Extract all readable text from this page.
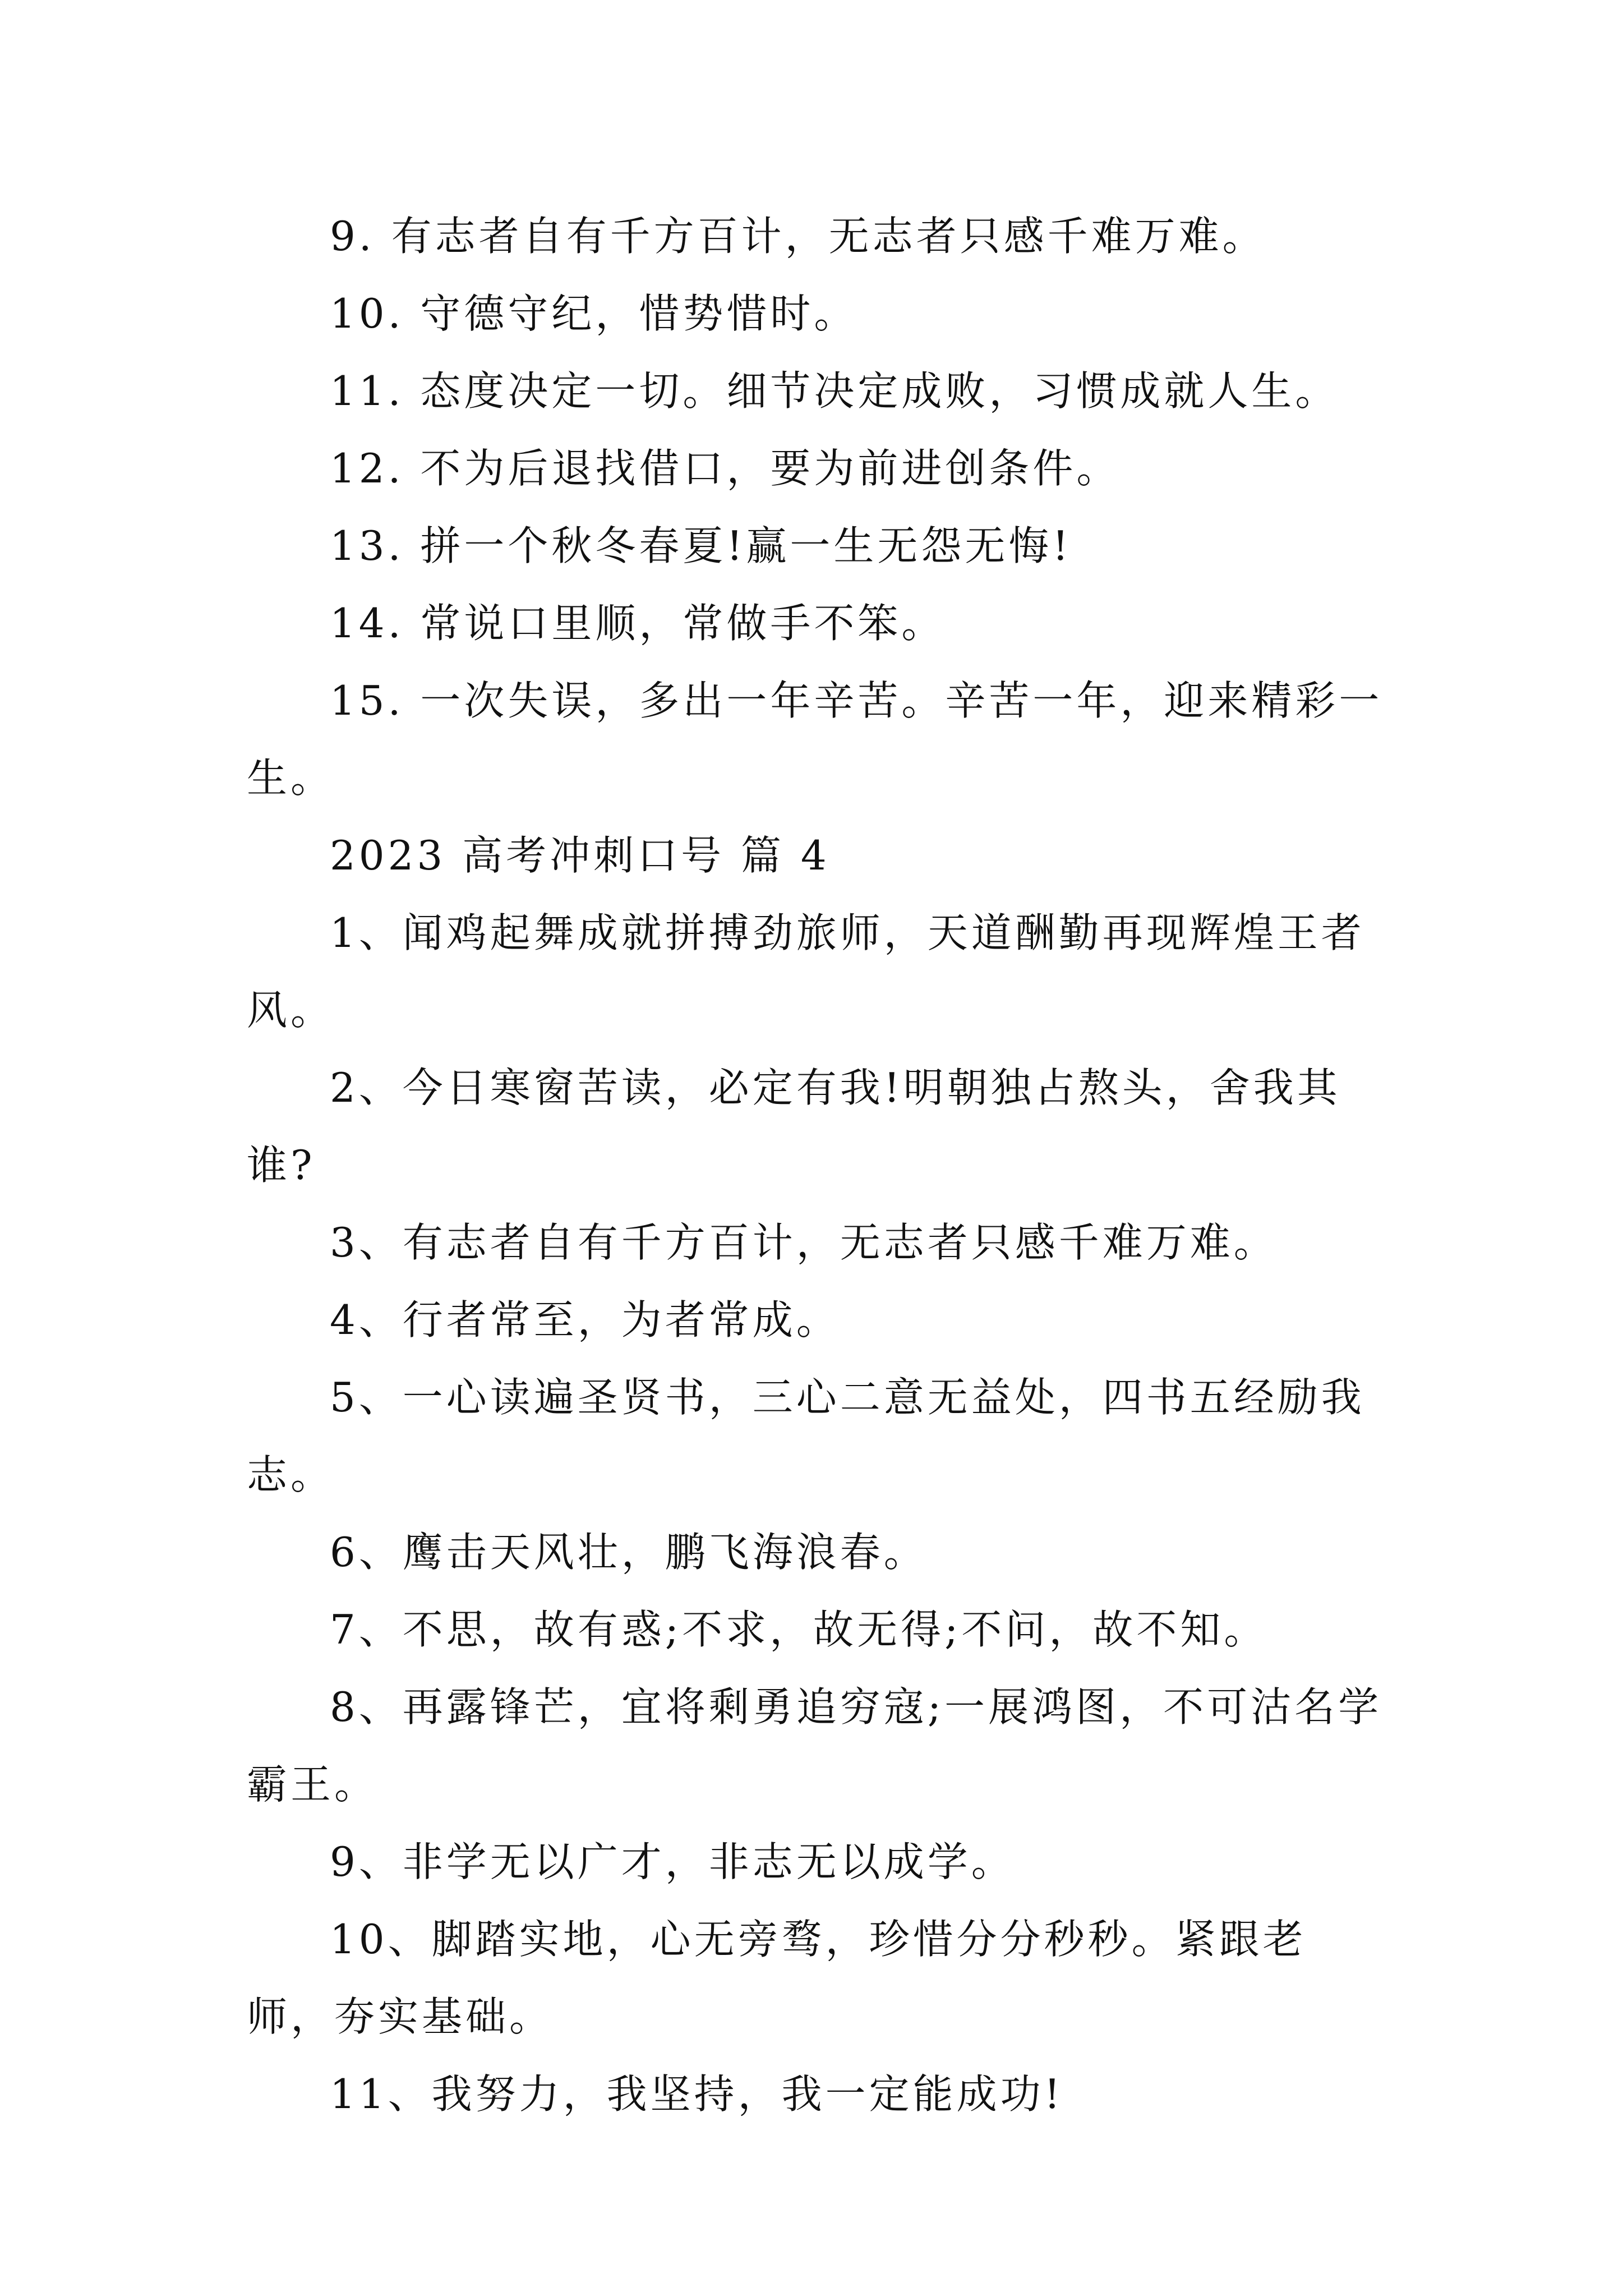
9. 有志者自有千方百计，无志者只感千难万难。

10. 守德守纪，惜势惜时。

11. 态度决定一切。细节决定成败，习惯成就人生。

12. 不为后退找借口，要为前进创条件。

13. 拼一个秋冬春夏!赢一生无怨无悔!

14. 常说口里顺，常做手不笨。

15. 一次失误，多出一年辛苦。辛苦一年，迎来精彩一生。

2023 高考冲刺口号 篇 4

1、闻鸡起舞成就拼搏劲旅师，天道酬勤再现辉煌王者风。

2、今日寒窗苦读，必定有我!明朝独占熬头，舍我其谁?

3、有志者自有千方百计，无志者只感千难万难。

4、行者常至，为者常成。

5、一心读遍圣贤书，三心二意无益处，四书五经励我志。

6、鹰击天风壮，鹏飞海浪春。

7、不思，故有惑;不求，故无得;不问，故不知。

8、再露锋芒，宜将剩勇追穷寇;一展鸿图，不可沽名学霸王。

9、非学无以广才，非志无以成学。

10、脚踏实地，心无旁骛，珍惜分分秒秒。紧跟老师，夯实基础。

11、我努力，我坚持，我一定能成功!
